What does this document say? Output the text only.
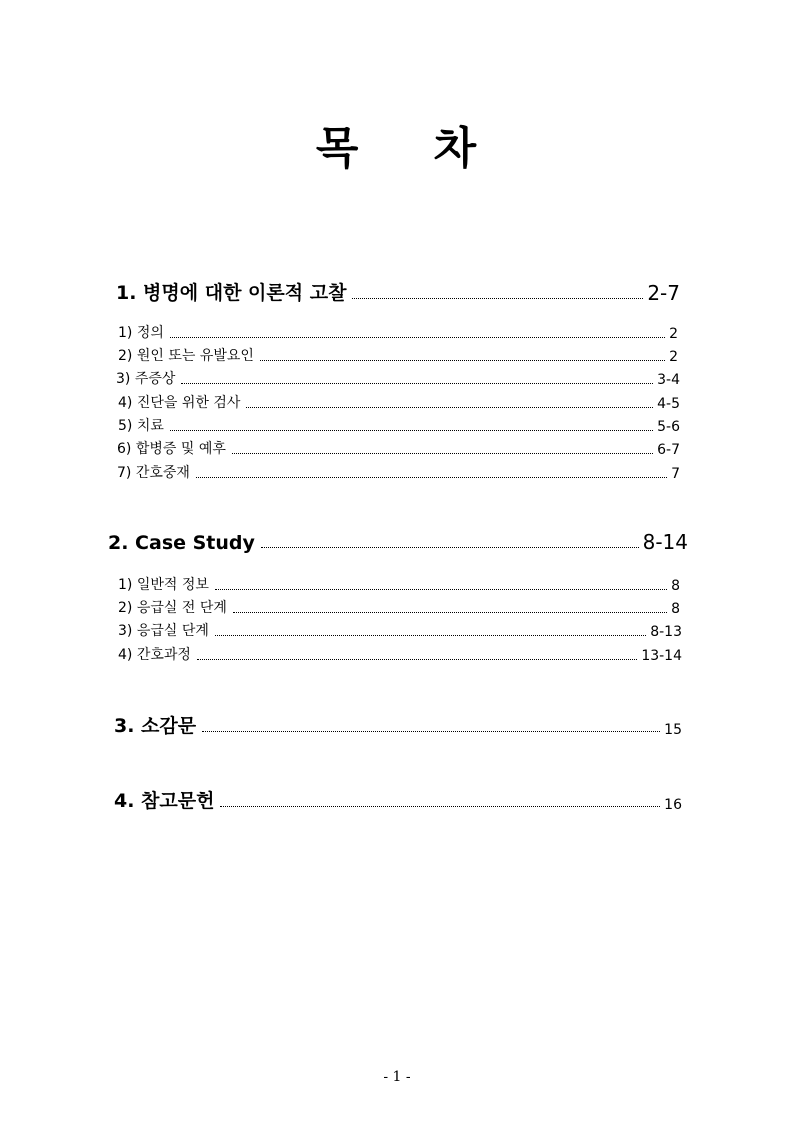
목 차
1. 병명에 대한 이론적 고찰	2-7
1) 정의	2
2) 원인 또는 유발요인	2
3) 주증상	3-4
4) 진단을 위한 검사	4-5
5) 치료	5-6
6) 합병증 및 예후	6-7
7) 간호중재	7
2. Case Study	8-14
1) 일반적 정보	8
2) 응급실 전 단계	8
3) 응급실 단계	8-13
4) 간호과정	13-14
3. 소감문	15
4. 참고문헌	16
- 1 -
